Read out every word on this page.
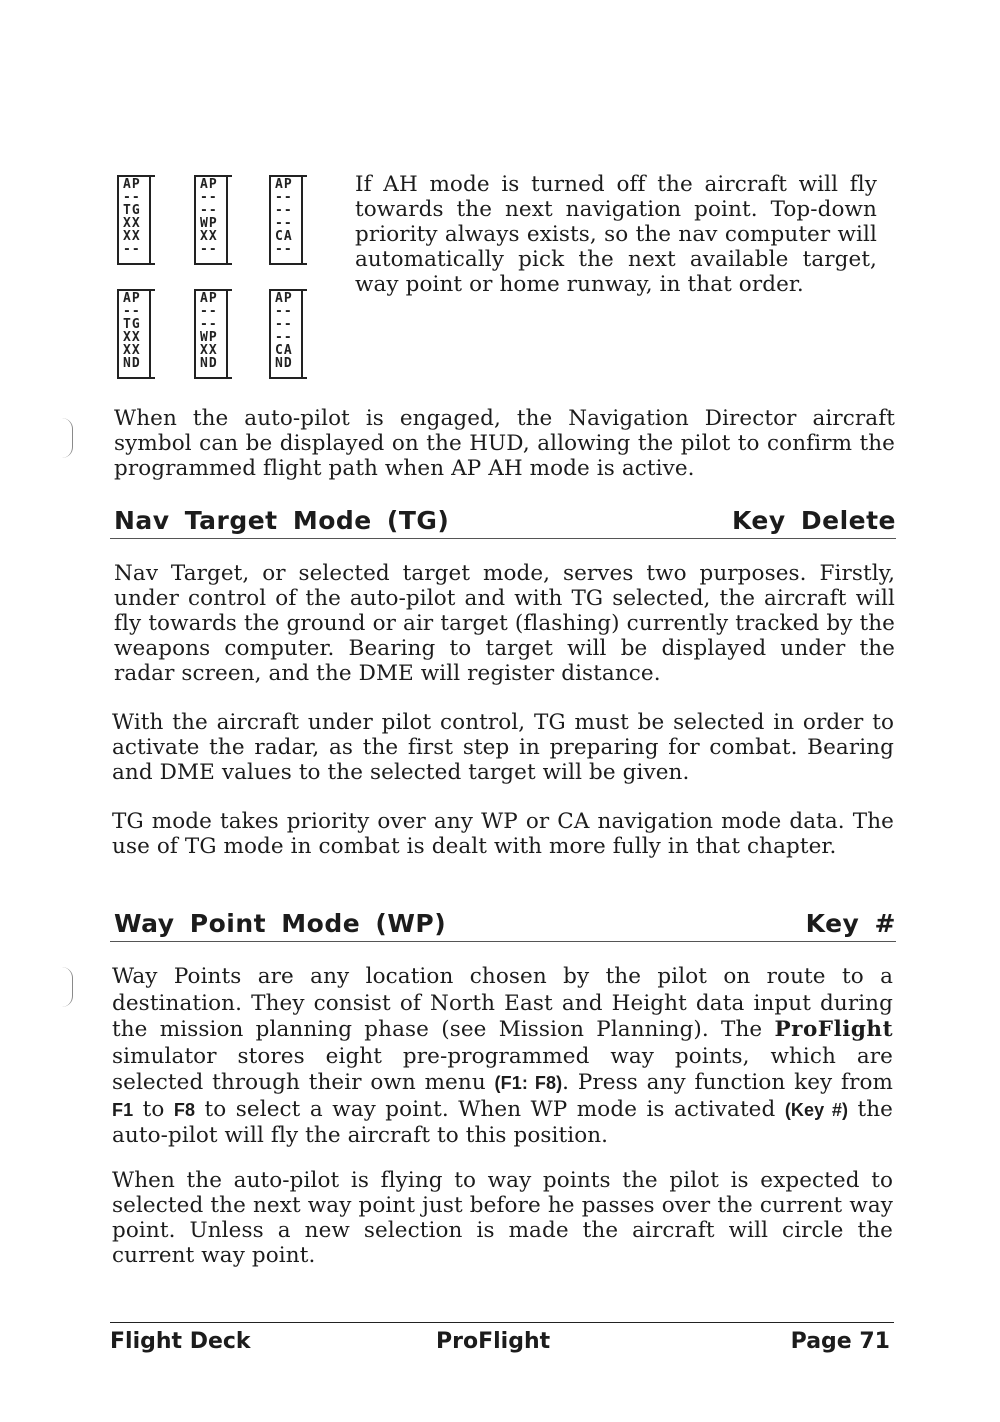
AP
--
TG
XX
XX
--
AP
--
--
WP
XX
--
AP
--
--
--
CA
--
AP
--
TG
XX
XX
ND
AP
--
--
WP
XX
ND
AP
--
--
--
CA
ND

If AH mode is turned off the aircraft will fly towards the next navigation point. Top-down priority always exists, so the nav computer will automatically pick the next available target, way point or home runway, in that order.

When the auto-pilot is engaged, the Navigation Director aircraft symbol can be displayed on the HUD, allowing the pilot to confirm the programmed flight path when AP AH mode is active.

Nav Target Mode (TG)	Key Delete

Nav Target, or selected target mode, serves two purposes. Firstly, under control of the auto-pilot and with TG selected, the aircraft will fly towards the ground or air target (flashing) currently tracked by the weapons computer. Bearing to target will be displayed under the radar screen, and the DME will register distance.

With the aircraft under pilot control, TG must be selected in order to activate the radar, as the first step in preparing for combat. Bearing and DME values to the selected target will be given.

TG mode takes priority over any WP or CA navigation mode data. The use of TG mode in combat is dealt with more fully in that chapter.

Way Point Mode (WP)	Key #

Way Points are any location chosen by the pilot on route to a destination. They consist of North East and Height data input during the mission planning phase (see Mission Planning). The ProFlight simulator stores eight pre-programmed way points, which are selected through their own menu (F1: F8). Press any function key from F1 to F8 to select a way point. When WP mode is activated (Key #) the auto-pilot will fly the aircraft to this position.

When the auto-pilot is flying to way points the pilot is expected to selected the next way point just before he passes over the current way point. Unless a new selection is made the aircraft will circle the current way point.

Flight Deck	ProFlight	Page 71
